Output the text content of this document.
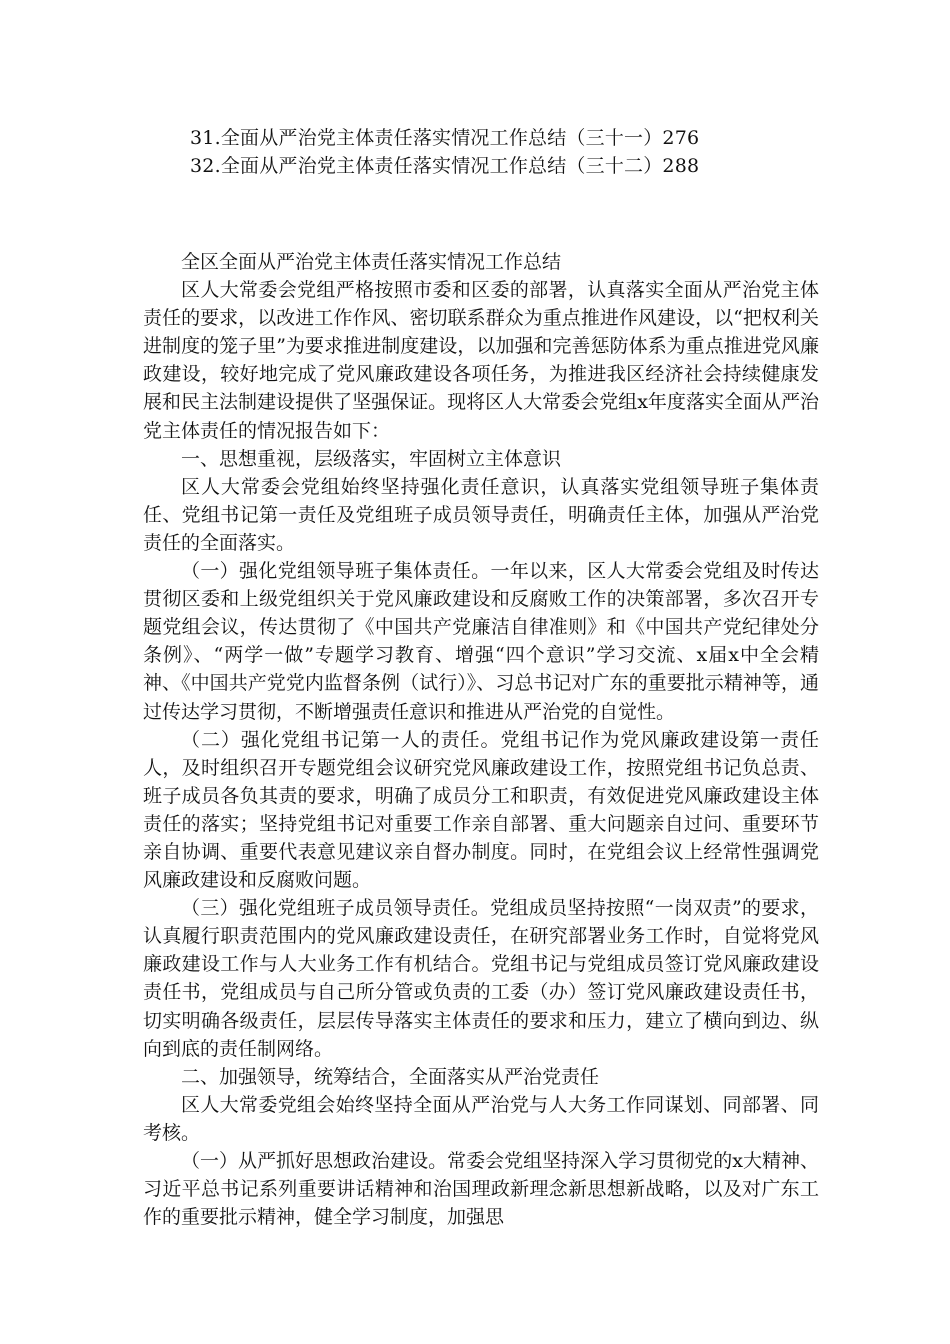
31.全面从严治党主体责任落实情况工作总结（三十一）276
32.全面从严治党主体责任落实情况工作总结（三十二）288

全区全面从严治党主体责任落实情况工作总结

区人大常委会党组严格按照市委和区委的部署，认真落实全面从严治党主体责任的要求，以改进工作作风、密切联系群众为重点推进作风建设，以“把权利关进制度的笼子里”为要求推进制度建设，以加强和完善惩防体系为重点推进党风廉政建设，较好地完成了党风廉政建设各项任务，为推进我区经济社会持续健康发展和民主法制建设提供了坚强保证。现将区人大常委会党组x年度落实全面从严治党主体责任的情况报告如下：

一、思想重视，层级落实，牢固树立主体意识

区人大常委会党组始终坚持强化责任意识，认真落实党组领导班子集体责任、党组书记第一责任及党组班子成员领导责任，明确责任主体，加强从严治党责任的全面落实。

（一）强化党组领导班子集体责任。一年以来，区人大常委会党组及时传达贯彻区委和上级党组织关于党风廉政建设和反腐败工作的决策部署，多次召开专题党组会议，传达贯彻了《中国共产党廉洁自律准则》和《中国共产党纪律处分条例》、“两学一做”专题学习教育、增强“四个意识”学习交流、x届x中全会精神、《中国共产党党内监督条例（试行）》、习总书记对广东的重要批示精神等，通过传达学习贯彻，不断增强责任意识和推进从严治党的自觉性。

（二）强化党组书记第一人的责任。党组书记作为党风廉政建设第一责任人，及时组织召开专题党组会议研究党风廉政建设工作，按照党组书记负总责、班子成员各负其责的要求，明确了成员分工和职责，有效促进党风廉政建设主体责任的落实；坚持党组书记对重要工作亲自部署、重大问题亲自过问、重要环节亲自协调、重要代表意见建议亲自督办制度。同时，在党组会议上经常性强调党风廉政建设和反腐败问题。

（三）强化党组班子成员领导责任。党组成员坚持按照“一岗双责”的要求，认真履行职责范围内的党风廉政建设责任，在研究部署业务工作时，自觉将党风廉政建设工作与人大业务工作有机结合。党组书记与党组成员签订党风廉政建设责任书，党组成员与自己所分管或负责的工委（办）签订党风廉政建设责任书，切实明确各级责任，层层传导落实主体责任的要求和压力，建立了横向到边、纵向到底的责任制网络。

二、加强领导，统筹结合，全面落实从严治党责任

区人大常委党组会始终坚持全面从严治党与人大务工作同谋划、同部署、同考核。

（一）从严抓好思想政治建设。常委会党组坚持深入学习贯彻党的x大精神、习近平总书记系列重要讲话精神和治国理政新理念新思想新战略，以及对广东工作的重要批示精神，健全学习制度，加强思
